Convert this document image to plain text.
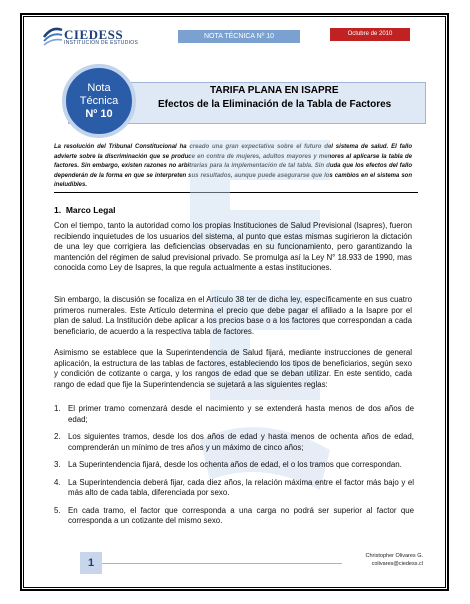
CIEDESS
INSTITUCIÓN DE ESTUDIOS
NOTA TÉCNICA Nº 10	Octubre de 2010
Nota
Técnica
Nº 10
TARIFA PLANA EN ISAPRE
Efectos de la Eliminación de la Tabla de Factores
La resolución del Tribunal Constitucional ha creado una gran expectativa sobre el futuro del sistema de salud. El fallo advierte sobre la discriminación que se produce en contra de mujeres, adultos mayores y menores al aplicarse la tabla de factores. Sin embargo, existen razones no arbitrarias para la implementación de tal tabla. Sin duda que los efectos del fallo dependerán de la forma en que se interpreten sus resultados, aunque puede asegurarse que los cambios en el sistema son ineludibles.
1. Marco Legal
Con el tiempo, tanto la autoridad como los propias Instituciones de Salud Previsional (Isapres), fueron recibiendo inquietudes de los usuarios del sistema, al punto que estas mismas sugirieron la dictación de una ley que corrigiera las deficiencias observadas en su funcionamiento, pero garantizando la mantención del régimen de salud previsional privado. Se promulga así la Ley N° 18.933 de 1990, mas conocida como Ley de Isapres, la que regula actualmente a estas instituciones.
Sin embargo, la discusión se focaliza en el Artículo 38 ter de dicha ley, específicamente en sus cuatro primeros numerales. Este Artículo determina el precio que debe pagar el afiliado a la Isapre por el plan de salud. La Institución debe aplicar a los precios base o a los factores que correspondan a cada beneficiario, de acuerdo a la respectiva tabla de factores.
Asimismo se establece que la Superintendencia de Salud fijará, mediante instrucciones de general aplicación, la estructura de las tablas de factores, estableciendo los tipos de beneficiarios, según sexo y condición de cotizante o carga, y los rangos de edad que se deban utilizar. En este sentido, cada rango de edad que fije la Superintendencia se sujetará a las siguientes reglas:
1. El primer tramo comenzará desde el nacimiento y se extenderá hasta menos de dos años de edad;
2. Los siguientes tramos, desde los dos años de edad y hasta menos de ochenta años de edad, comprenderán un mínimo de tres años y un máximo de cinco años;
3. La Superintendencia fijará, desde los ochenta años de edad, el o los tramos que correspondan.
4. La Superintendencia deberá fijar, cada diez años, la relación máxima entre el factor más bajo y el más alto de cada tabla, diferenciada por sexo.
5. En cada tramo, el factor que corresponda a una carga no podrá ser superior al factor que corresponda a un cotizante del mismo sexo.
1
Christopher Olivares G.
colivares@ciedess.cl
